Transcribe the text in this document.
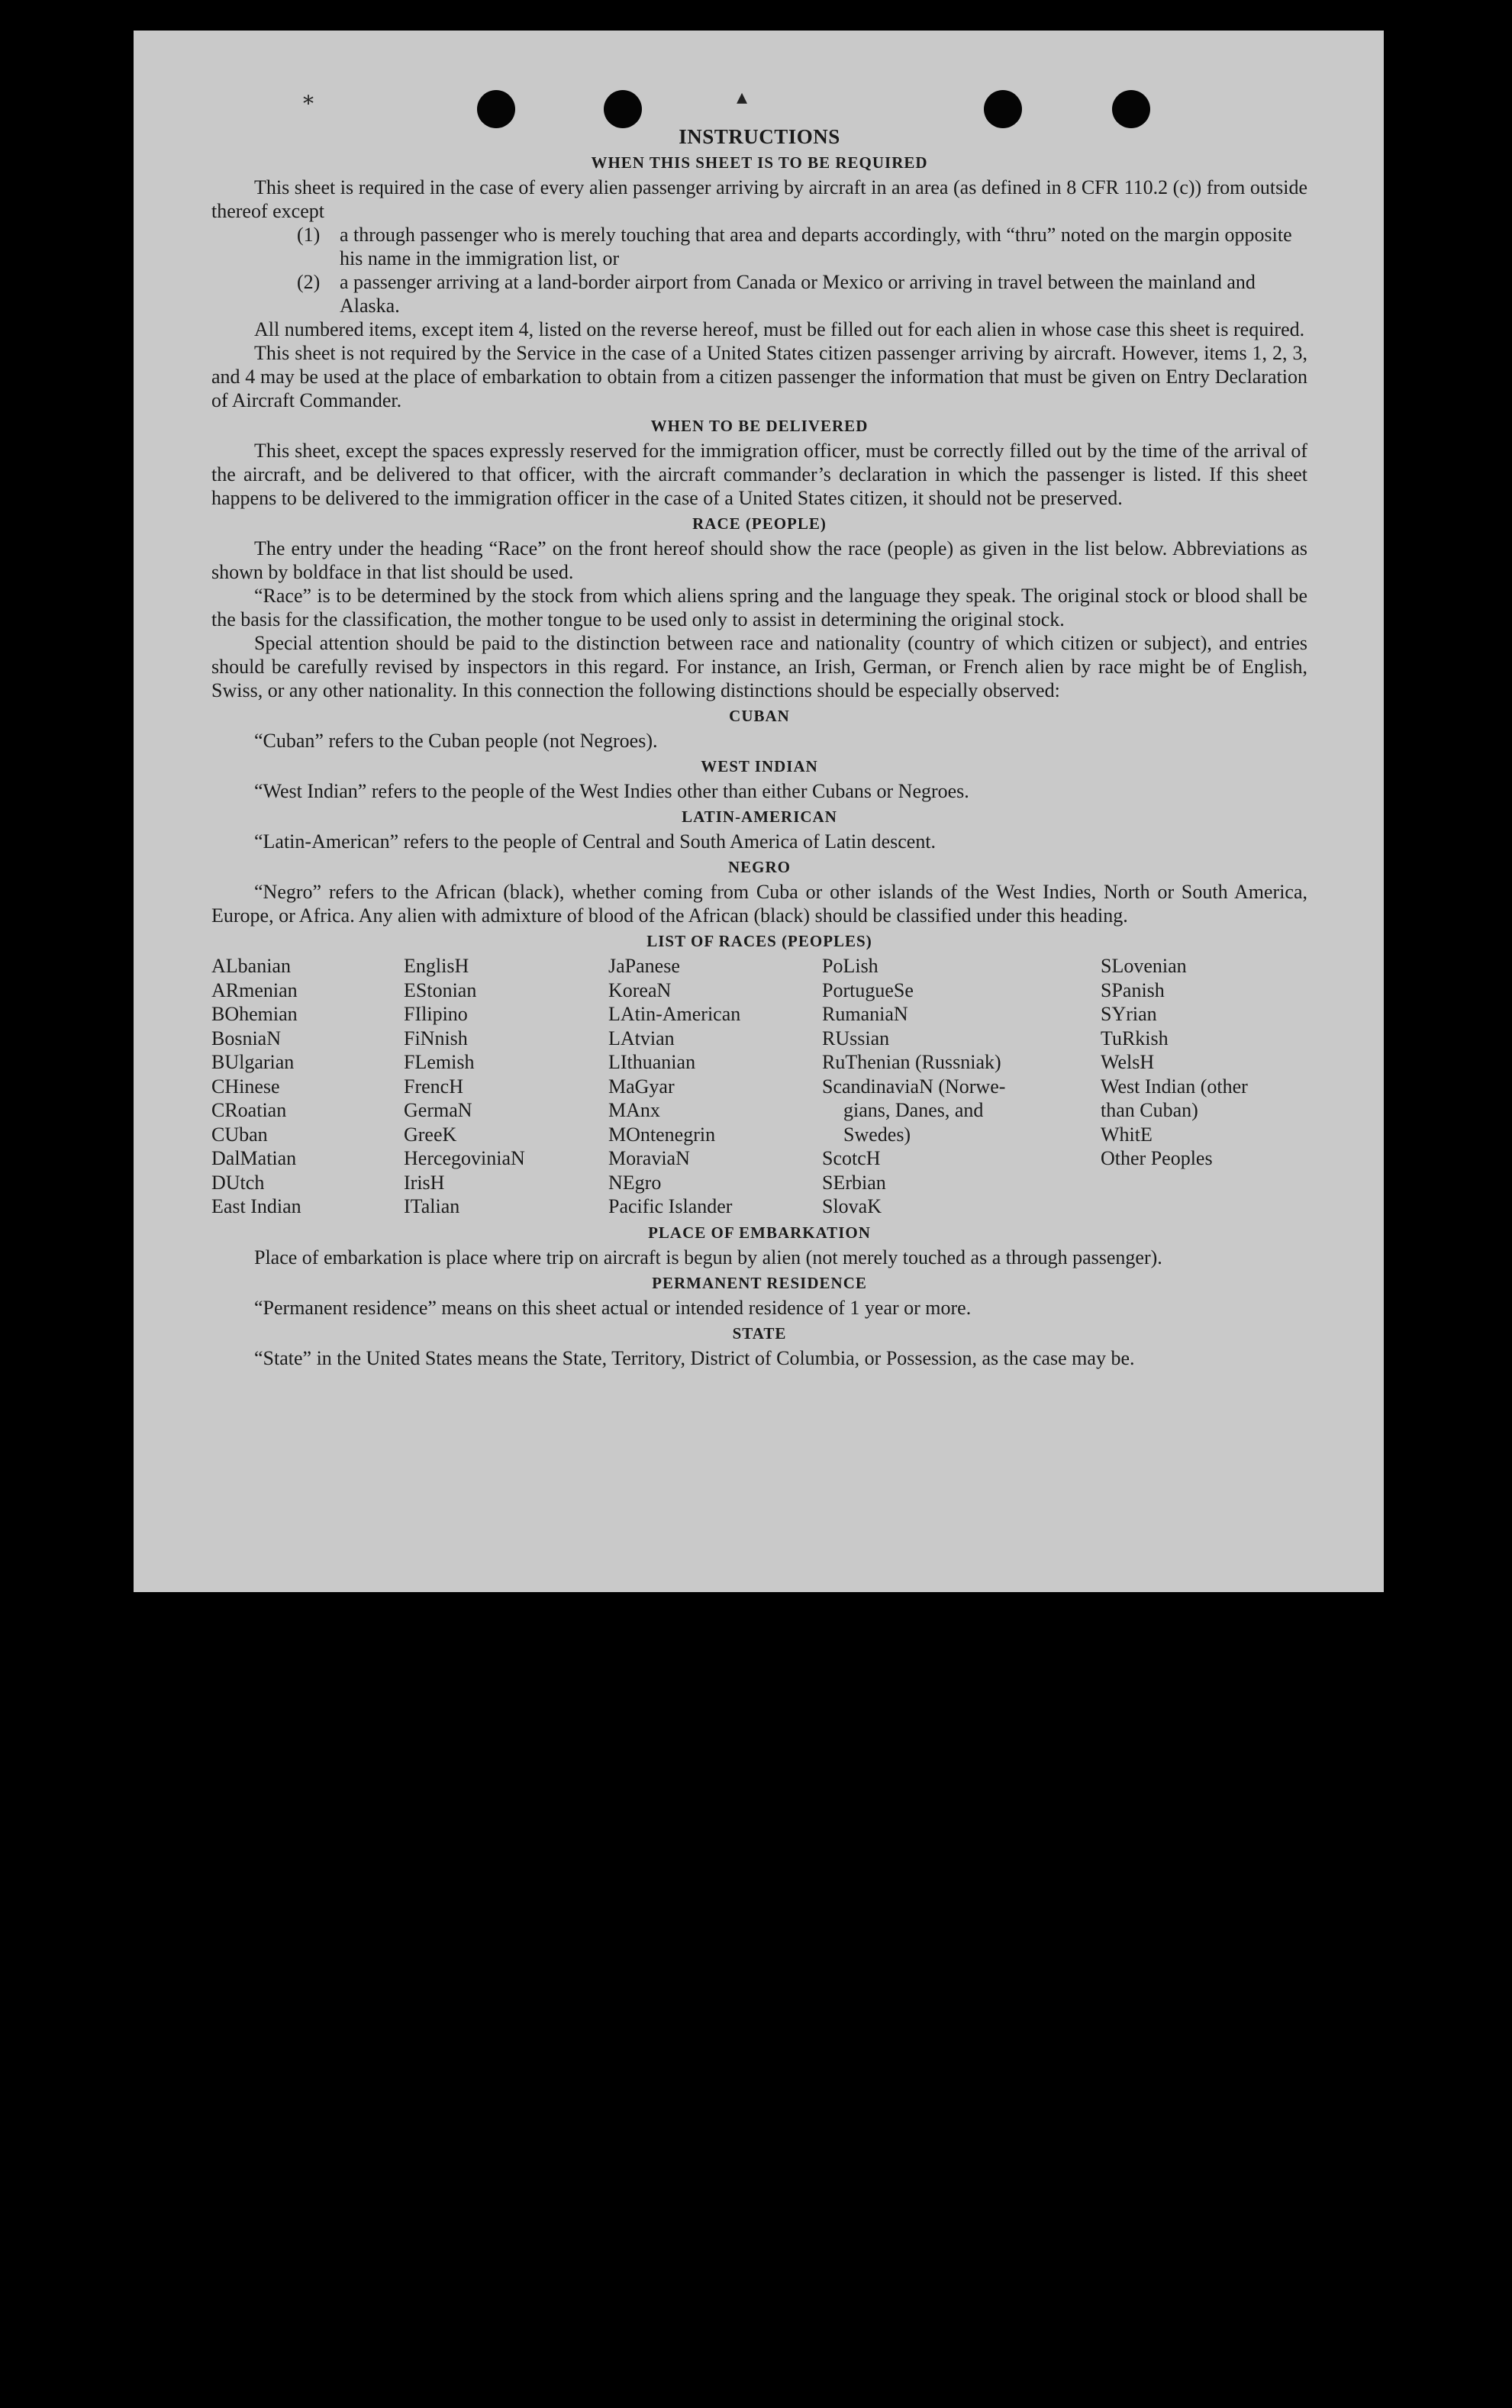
⁎	▴
INSTRUCTIONS
WHEN THIS SHEET IS TO BE REQUIRED

This sheet is required in the case of every alien passenger arriving by aircraft in an area (as defined in 8 CFR 110.2 (c)) from outside thereof except

(1) a through passenger who is merely touching that area and departs accordingly, with “thru” noted on the margin opposite his name in the immigration list, or
(2) a passenger arriving at a land-border airport from Canada or Mexico or arriving in travel between the mainland and Alaska.

All numbered items, except item 4, listed on the reverse hereof, must be filled out for each alien in whose case this sheet is required.

This sheet is not required by the Service in the case of a United States citizen passenger arriving by aircraft. However, items 1, 2, 3, and 4 may be used at the place of embarkation to obtain from a citizen passenger the information that must be given on Entry Declaration of Aircraft Commander.

WHEN TO BE DELIVERED

This sheet, except the spaces expressly reserved for the immigration officer, must be correctly filled out by the time of the arrival of the aircraft, and be delivered to that officer, with the aircraft commander’s declaration in which the passenger is listed. If this sheet happens to be delivered to the immigration officer in the case of a United States citizen, it should not be preserved.

RACE (PEOPLE)

The entry under the heading “Race” on the front hereof should show the race (people) as given in the list below. Abbreviations as shown by boldface in that list should be used.

“Race” is to be determined by the stock from which aliens spring and the language they speak. The original stock or blood shall be the basis for the classification, the mother tongue to be used only to assist in determining the original stock.

Special attention should be paid to the distinction between race and nationality (country of which citizen or subject), and entries should be carefully revised by inspectors in this regard. For instance, an Irish, German, or French alien by race might be of English, Swiss, or any other nationality. In this connection the following distinctions should be especially observed:

CUBAN

“Cuban” refers to the Cuban people (not Negroes).

WEST INDIAN

“West Indian” refers to the people of the West Indies other than either Cubans or Negroes.

LATIN-AMERICAN

“Latin-American” refers to the people of Central and South America of Latin descent.

NEGRO

“Negro” refers to the African (black), whether coming from Cuba or other islands of the West Indies, North or South America, Europe, or Africa. Any alien with admixture of blood of the African (black) should be classified under this heading.

LIST OF RACES (PEOPLES)
ALbanian
ARmenian
BOhemian
BosniaN
BUlgarian
CHinese
CRoatian
CUban
DalMatian
DUtch
East Indian
EnglisH
EStonian
FIlipino
FiNnish
FLemish
FrencH
GermaN
GreeK
HercegoviniaN
IrisH
ITalian
JaPanese
KoreaN
LAtin-American
LAtvian
LIthuanian
MaGyar
MAnx
MOntenegrin
MoraviaN
NEgro
Pacific Islander
PoLish
PortugueSe
RumaniaN
RUssian
RuThenian (Russniak)
ScandinaviaN (Norwe-
gians, Danes, and
Swedes)
ScotcH
SErbian
SlovaK
SLovenian
SPanish
SYrian
TuRkish
WelsH
West Indian (other
than Cuban)
WhitE
Other Peoples
PLACE OF EMBARKATION

Place of embarkation is place where trip on aircraft is begun by alien (not merely touched as a through passenger).

PERMANENT RESIDENCE

“Permanent residence” means on this sheet actual or intended residence of 1 year or more.

STATE

“State” in the United States means the State, Territory, District of Columbia, or Possession, as the case may be.
